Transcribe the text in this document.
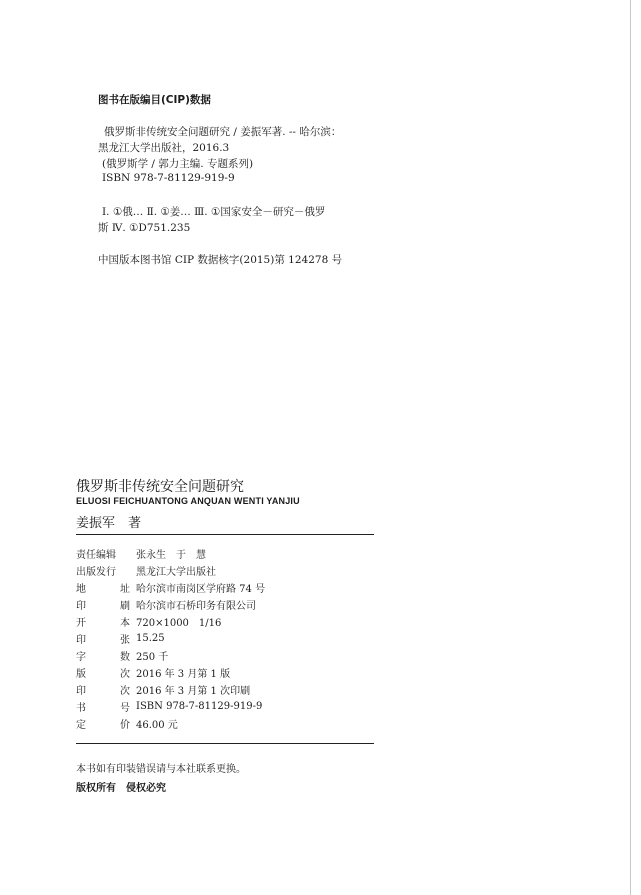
图书在版编目(CIP)数据
俄罗斯非传统安全问题研究 / 姜振军著. -- 哈尔滨：
黑龙江大学出版社，2016.3
(俄罗斯学 / 郭力主编. 专题系列)
ISBN 978-7-81129-919-9
Ⅰ. ①俄… Ⅱ. ①姜… Ⅲ. ①国家安全－研究－俄罗
斯 Ⅳ. ①D751.235
中国版本图书馆 CIP 数据核字(2015)第 124278 号
俄罗斯非传统安全问题研究
ELUOSI FEICHUANTONG ANQUAN WENTI YANJIU
姜振军　著
责任编辑 张永生　于　慧
出版发行 黑龙江大学出版社
地	址 哈尔滨市南岗区学府路 74 号
印	刷 哈尔滨市石桥印务有限公司
开	本 720×1000　1/16
印	张 15.25
字	数 250 千
版	次 2016 年 3 月第 1 版
印	次 2016 年 3 月第 1 次印刷
书	号 ISBN 978-7-81129-919-9
定	价 46.00 元
本书如有印装错误请与本社联系更换。
版权所有　侵权必究
